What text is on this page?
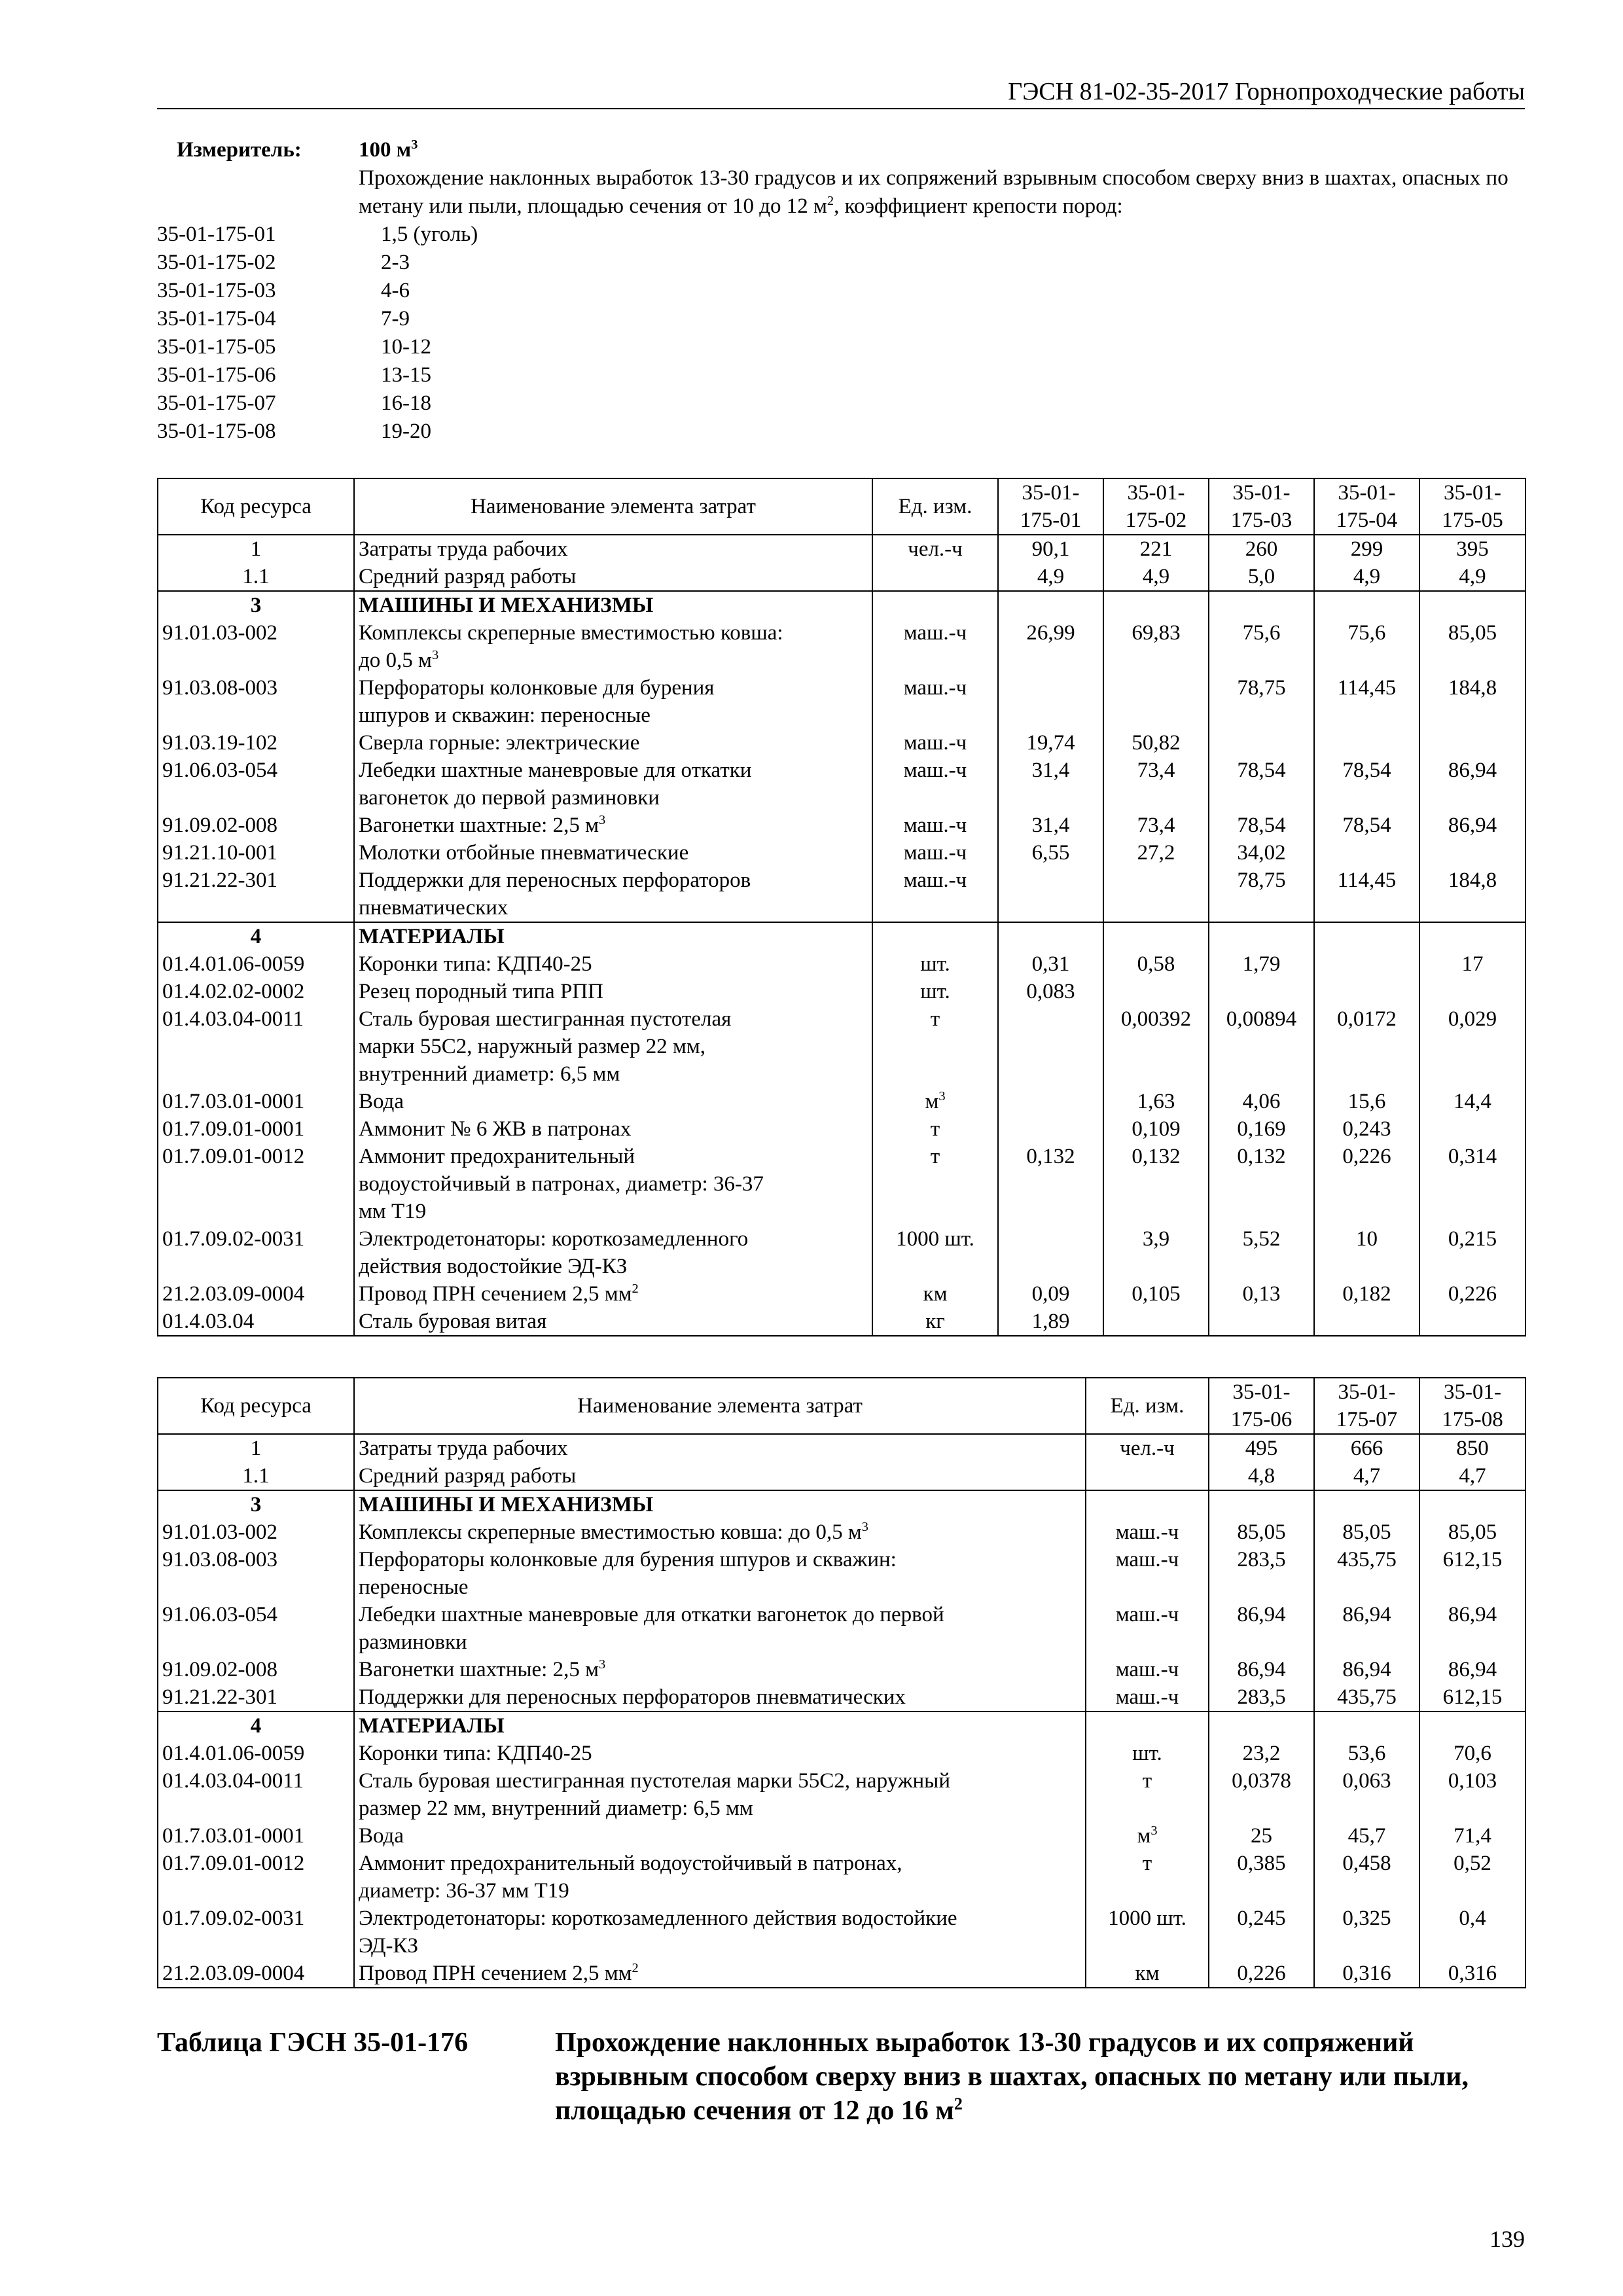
ГЭСН 81-02-35-2017 Горнопроходческие работы
Измеритель:	100 $м^3$
Прохождение наклонных выработок 13-30 градусов и их сопряжений взрывным способом сверху вниз в шахтах, опасных по метану или пыли, площадью сечения от 10 до 12 $м^2$, коэффициент крепости пород:
35-01-175-01	1,5 (уголь)
35-01-175-02	2-3
35-01-175-03	4-6
35-01-175-04	7-9
35-01-175-05	10-12
35-01-175-06	13-15
35-01-175-07	16-18
35-01-175-08	19-20
Код ресурса	Наименование элемента затрат	Ед. изм.	35-01-
175-01	35-01-
175-02	35-01-
175-03	35-01-
175-04	35-01-
175-05
1	Затраты труда рабочих	чел.-ч	90,1	221	260	299	395
1.1	Средний разряд работы		4,9	4,9	5,0	4,9	4,9
3	МАШИНЫ И МЕХАНИЗМЫ						
91.01.03-002	Комплексы скреперные вместимостью ковша:
до 0,5 $м^3$	маш.-ч	26,99	69,83	75,6	75,6	85,05
91.03.08-003	Перфораторы колонковые для бурения
шпуров и скважин: переносные	маш.-ч			78,75	114,45	184,8
91.03.19-102	Сверла горные: электрические	маш.-ч	19,74	50,82			
91.06.03-054	Лебедки шахтные маневровые для откатки
вагонеток до первой разминовки	маш.-ч	31,4	73,4	78,54	78,54	86,94
91.09.02-008	Вагонетки шахтные: 2,5 $м^3$	маш.-ч	31,4	73,4	78,54	78,54	86,94
91.21.10-001	Молотки отбойные пневматические	маш.-ч	6,55	27,2	34,02		
91.21.22-301	Поддержки для переносных перфораторов
пневматических	маш.-ч			78,75	114,45	184,8
4	МАТЕРИАЛЫ						
01.4.01.06-0059	Коронки типа: КДП40-25	шт.	0,31	0,58	1,79		17
01.4.02.02-0002	Резец породный типа РПП	шт.	0,083				
01.4.03.04-0011	Сталь буровая шестигранная пустотелая
марки 55С2, наружный размер 22 мм,
внутренний диаметр: 6,5 мм	т		0,00392	0,00894	0,0172	0,029
01.7.03.01-0001	Вода	$м^3$		1,63	4,06	15,6	14,4
01.7.09.01-0001	Аммонит № 6 ЖВ в патронах	т		0,109	0,169	0,243	
01.7.09.01-0012	Аммонит предохранительный
водоустойчивый в патронах, диаметр: 36-37
мм Т19	т	0,132	0,132	0,132	0,226	0,314
01.7.09.02-0031	Электродетонаторы: короткозамедленного
действия водостойкие ЭД-КЗ	1000 шт.		3,9	5,52	10	0,215
21.2.03.09-0004	Провод ПРН сечением 2,5 $мм^2$	км	0,09	0,105	0,13	0,182	0,226
01.4.03.04	Сталь буровая витая	кг	1,89				
Код ресурса	Наименование элемента затрат	Ед. изм.	35-01-
175-06	35-01-
175-07	35-01-
175-08
1	Затраты труда рабочих	чел.-ч	495	666	850
1.1	Средний разряд работы		4,8	4,7	4,7
3	МАШИНЫ И МЕХАНИЗМЫ				
91.01.03-002	Комплексы скреперные вместимостью ковша: до 0,5 $м^3$	маш.-ч	85,05	85,05	85,05
91.03.08-003	Перфораторы колонковые для бурения шпуров и скважин:
переносные	маш.-ч	283,5	435,75	612,15
91.06.03-054	Лебедки шахтные маневровые для откатки вагонеток до первой
разминовки	маш.-ч	86,94	86,94	86,94
91.09.02-008	Вагонетки шахтные: 2,5 $м^3$	маш.-ч	86,94	86,94	86,94
91.21.22-301	Поддержки для переносных перфораторов пневматических	маш.-ч	283,5	435,75	612,15
4	МАТЕРИАЛЫ				
01.4.01.06-0059	Коронки типа: КДП40-25	шт.	23,2	53,6	70,6
01.4.03.04-0011	Сталь буровая шестигранная пустотелая марки 55С2, наружный
размер 22 мм, внутренний диаметр: 6,5 мм	т	0,0378	0,063	0,103
01.7.03.01-0001	Вода	$м^3$	25	45,7	71,4
01.7.09.01-0012	Аммонит предохранительный водоустойчивый в патронах,
диаметр: 36-37 мм Т19	т	0,385	0,458	0,52
01.7.09.02-0031	Электродетонаторы: короткозамедленного действия водостойкие
ЭД-КЗ	1000 шт.	0,245	0,325	0,4
21.2.03.09-0004	Провод ПРН сечением 2,5 $мм^2$	км	0,226	0,316	0,316
Таблица ГЭСН 35-01-176	Прохождение наклонных выработок 13-30 градусов и их сопряжений взрывным способом сверху вниз в шахтах, опасных по метану или пыли, площадью сечения от 12 до 16 $м^2$
139
